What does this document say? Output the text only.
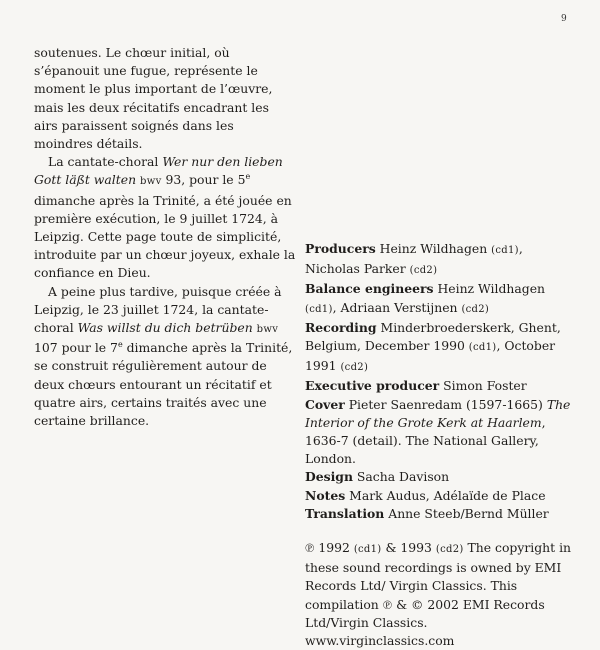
9

soutenues. Le chœur initial, où s’épanouit une fugue, représente le moment le plus important de l’œuvre, mais les deux récitatifs encadrant les airs paraissent soignés dans les moindres détails.

La cantate-choral Wer nur den lieben Gott läßt walten bwv 93, pour le 5e dimanche après la Trinité, a été jouée en première exécution, le 9 juillet 1724, à Leipzig. Cette page toute de simplicité, introduite par un chœur joyeux, exhale la confiance en Dieu.

A peine plus tardive, puisque créée à Leipzig, le 23 juillet 1724, la cantate-choral Was willst du dich betrüben bwv 107 pour le 7e dimanche après la Trinité, se construit régulièrement autour de deux chœurs entourant un récitatif et quatre airs, certains traités avec une certaine brillance.

Producers Heinz Wildhagen (cd1), Nicholas Parker (cd2)

Balance engineers Heinz Wildhagen (cd1), Adriaan Verstijnen (cd2)

Recording Minderbroederskerk, Ghent, Belgium, December 1990 (cd1), October 1991 (cd2)

Executive producer Simon Foster

Cover Pieter Saenredam (1597-1665) The Interior of the Grote Kerk at Haarlem, 1636-7 (detail). The National Gallery, London.

Design Sacha Davison

Notes Mark Audus, Adélaïde de Place

Translation Anne Steeb/Bernd Müller

℗ 1992 (cd1) & 1993 (cd2) The copyright in these sound recordings is owned by EMI Records Ltd/ Virgin Classics. This compilation ℗ & © 2002 EMI Records Ltd/Virgin Classics. www.virginclassics.com
